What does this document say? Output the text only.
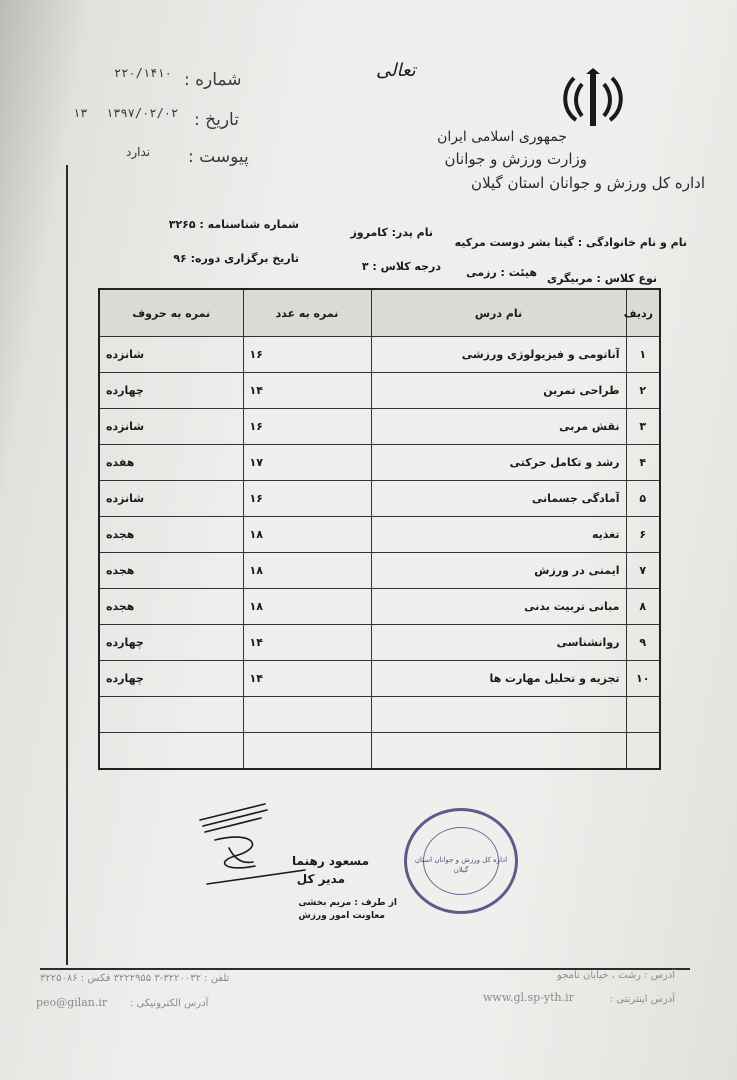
جمهوری اسلامی ایران
وزارت ورزش و جوانان
اداره کل ورزش و جوانان استان گیلان
تعالی
شماره :
۲۲۰/۱۴۱۰
تاریخ :
۱۳۹۷/۰۲/۰۲
۱۳
پیوست :
ندارد
نام و نام خانوادگی : گیتا بشر دوست مرکیه
نام پدر: کامروز
شماره شناسنامه : ۳۲۶۵
نوع کلاس : مربیگری
هیئت : رزمی
درجه کلاس : ۳
تاریخ برگزاری دوره: ۹۶
ردیف	نام درس	نمره به عدد	نمره به حروف
۱	آناتومی و فیزیولوژی ورزشی	۱۶	شانزده
۲	طراحی تمرین	۱۴	چهارده
۳	نقش مربی	۱۶	شانزده
۴	رشد و تکامل حرکتی	۱۷	هفده
۵	آمادگی جسمانی	۱۶	شانزده
۶	تغذیه	۱۸	هجده
۷	ایمنی در ورزش	۱۸	هجده
۸	مبانی تربیت بدنی	۱۸	هجده
۹	روانشناسی	۱۴	چهارده
۱۰	تجزیه و تحلیل مهارت ها	۱۴	چهارده

مسعود رهنما
مدیر کل
از طرف : مریم بخشی
معاونت امور ورزش
اداره کل ورزش و جوانان استان گیلان
آدرس : رشت ، خیابان نامجو
تلفن : ۳۲۲۰۰۳۲-۳ ۳۲۲۲۹۵۵ فکس : ۳۲۲۵۰۸۶
آدرس اینترنتی :
www.gl.sp-yth.ir
آدرس الکترونیکی :
peo@gilan.ir
